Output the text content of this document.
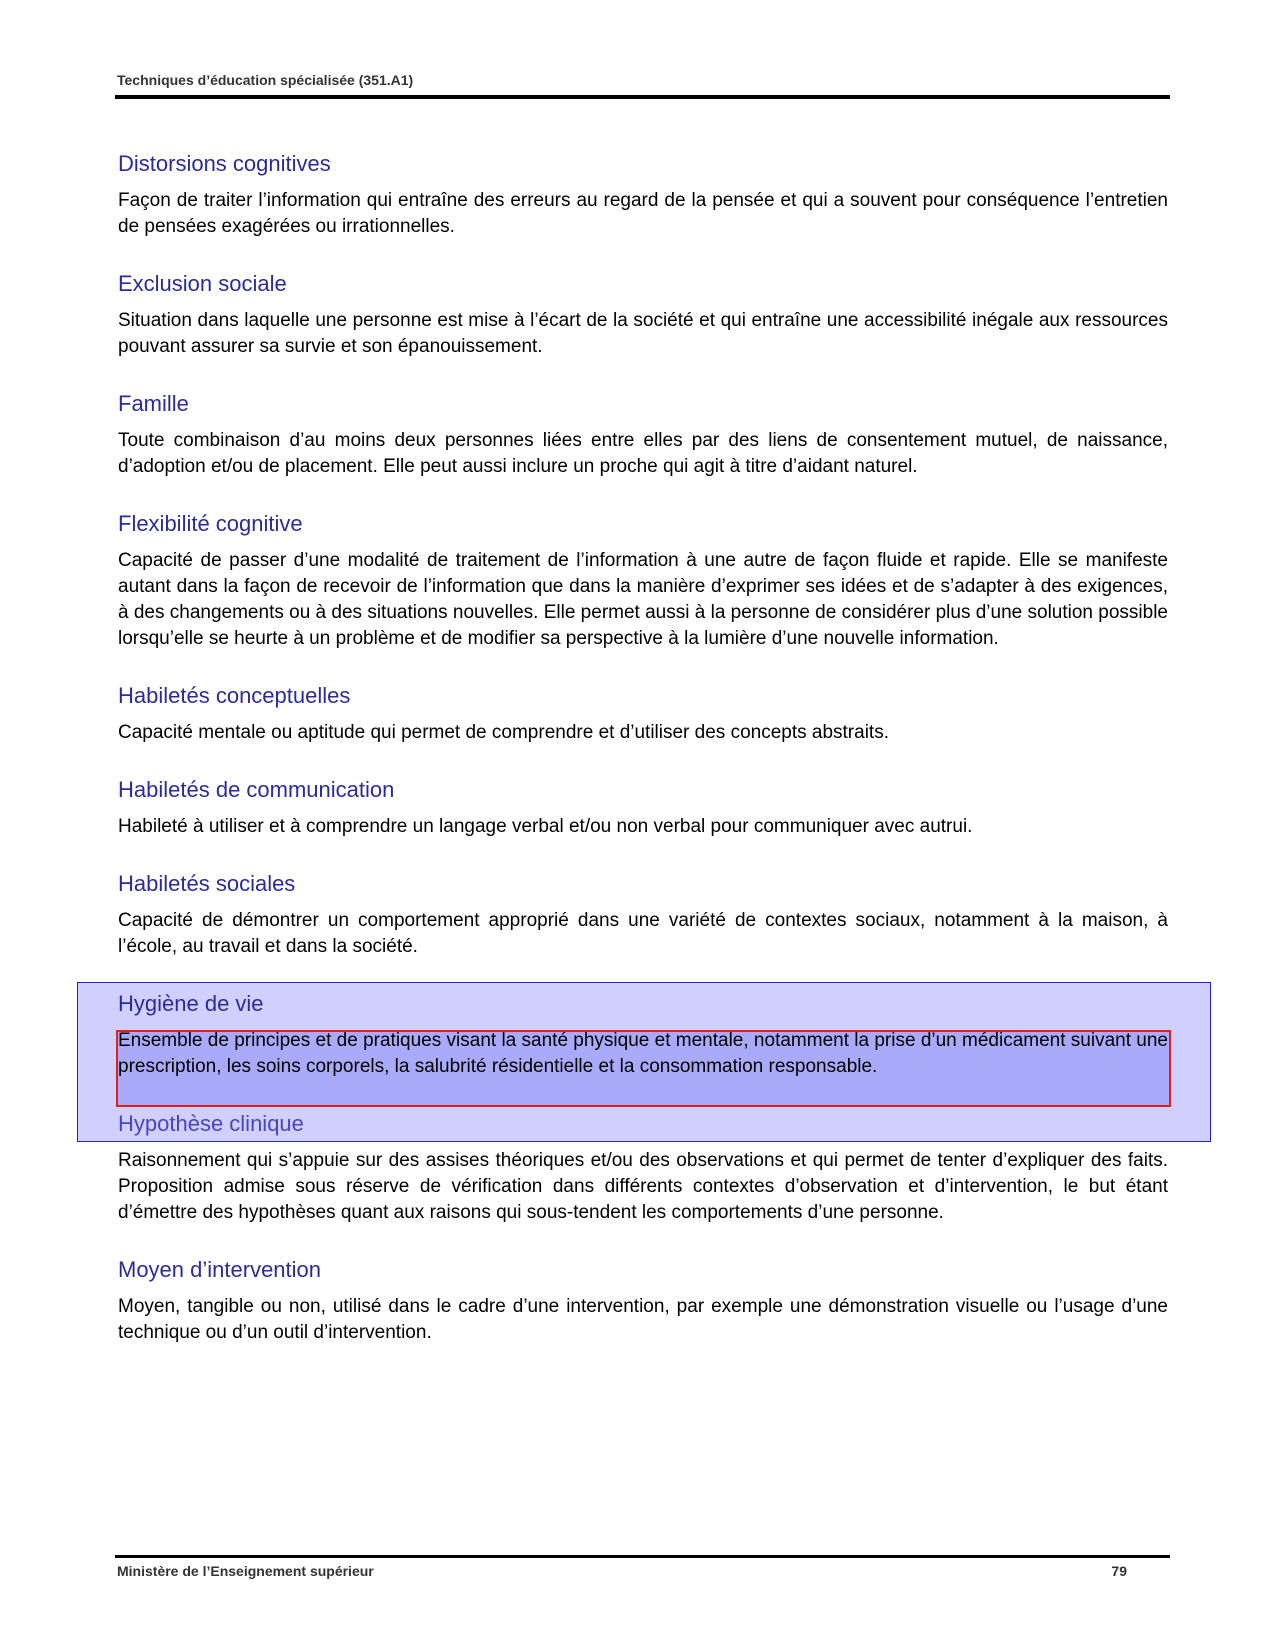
Techniques d’éducation spécialisée (351.A1)
Distorsions cognitives

Façon de traiter l’information qui entraîne des erreurs au regard de la pensée et qui a souvent pour conséquence l’entretien de pensées exagérées ou irrationnelles.

Exclusion sociale

Situation dans laquelle une personne est mise à l’écart de la société et qui entraîne une accessibilité inégale aux ressources pouvant assurer sa survie et son épanouissement.

Famille

Toute combinaison d’au moins deux personnes liées entre elles par des liens de consentement mutuel, de naissance, d’adoption et/ou de placement. Elle peut aussi inclure un proche qui agit à titre d’aidant naturel.

Flexibilité cognitive

Capacité de passer d’une modalité de traitement de l’information à une autre de façon fluide et rapide. Elle se manifeste autant dans la façon de recevoir de l’information que dans la manière d’exprimer ses idées et de s’adapter à des exigences, à des changements ou à des situations nouvelles. Elle permet aussi à la personne de considérer plus d’une solution possible lorsqu’elle se heurte à un problème et de modifier sa perspective à la lumière d’une nouvelle information.

Habiletés conceptuelles

Capacité mentale ou aptitude qui permet de comprendre et d’utiliser des concepts abstraits.

Habiletés de communication

Habileté à utiliser et à comprendre un langage verbal et/ou non verbal pour communiquer avec autrui.

Habiletés sociales

Capacité de démontrer un comportement approprié dans une variété de contextes sociaux, notamment à la maison, à l’école, au travail et dans la société.

Hygiène de vie

Ensemble de principes et de pratiques visant la santé physique et mentale, notamment la prise d’un médicament suivant une prescription, les soins corporels, la salubrité résidentielle et la consommation responsable.

Hypothèse clinique

Raisonnement qui s’appuie sur des assises théoriques et/ou des observations et qui permet de tenter d’expliquer des faits. Proposition admise sous réserve de vérification dans différents contextes d’observation et d’intervention, le but étant d’émettre des hypothèses quant aux raisons qui sous-tendent les comportements d’une personne.

Moyen d’intervention

Moyen, tangible ou non, utilisé dans le cadre d’une intervention, par exemple une démonstration visuelle ou l’usage d’une technique ou d’un outil d’intervention.

Ministère de l’Enseignement supérieur	79
